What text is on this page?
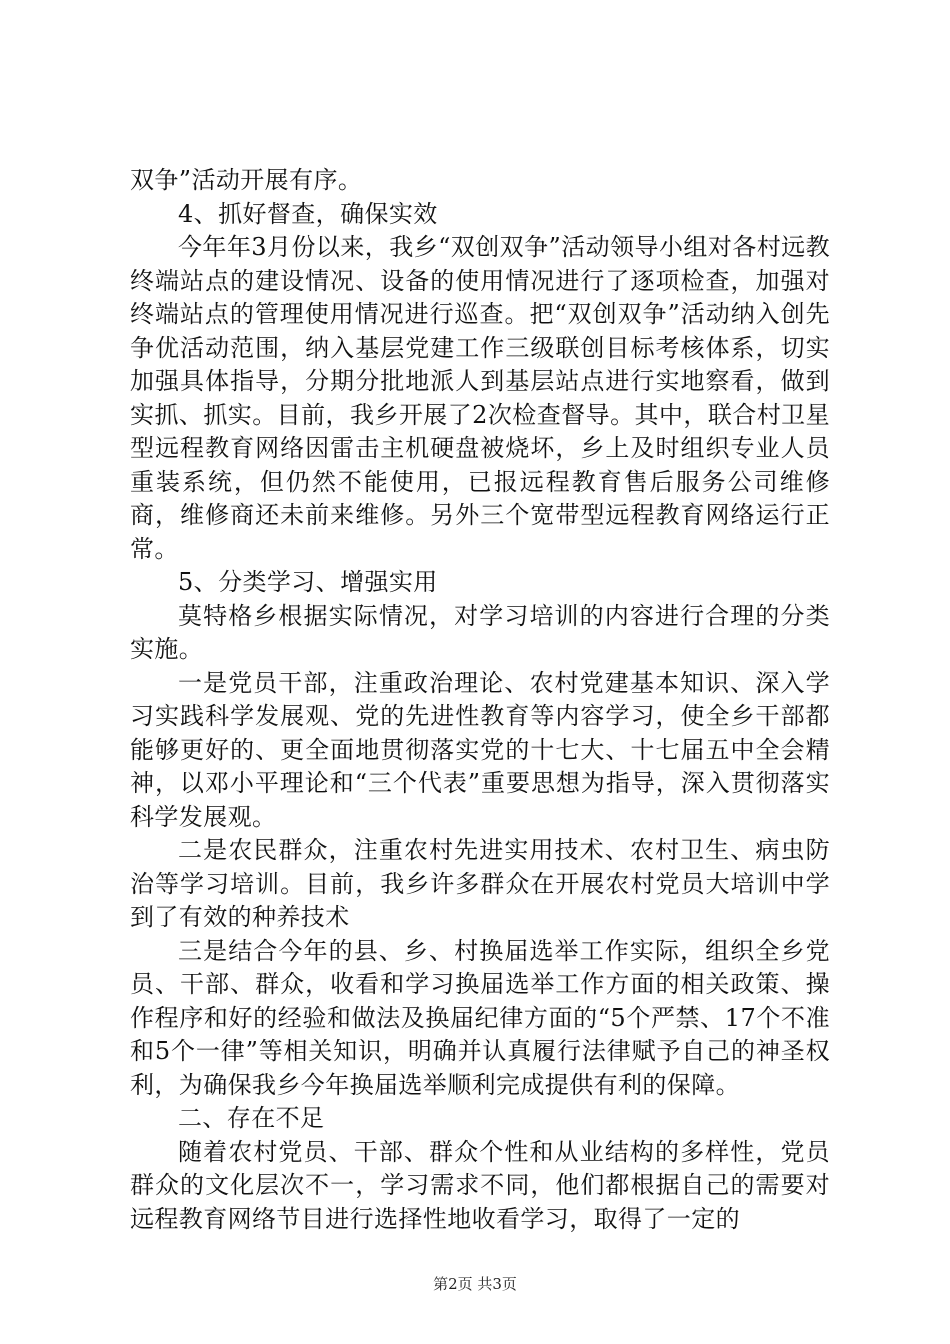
双争”活动开展有序。

4、抓好督查，确保实效

今年年3月份以来，我乡“双创双争”活动领导小组对各村远教终端站点的建设情况、设备的使用情况进行了逐项检查，加强对终端站点的管理使用情况进行巡查。把“双创双争”活动纳入创先争优活动范围，纳入基层党建工作三级联创目标考核体系，切实加强具体指导，分期分批地派人到基层站点进行实地察看，做到实抓、抓实。目前，我乡开展了2次检查督导。其中，联合村卫星型远程教育网络因雷击主机硬盘被烧坏，乡上及时组织专业人员重装系统，但仍然不能使用，已报远程教育售后服务公司维修商，维修商还未前来维修。另外三个宽带型远程教育网络运行正常。

5、分类学习、增强实用

莫特格乡根据实际情况，对学习培训的内容进行合理的分类实施。

一是党员干部，注重政治理论、农村党建基本知识、深入学习实践科学发展观、党的先进性教育等内容学习，使全乡干部都能够更好的、更全面地贯彻落实党的十七大、十七届五中全会精神，以邓小平理论和“三个代表”重要思想为指导，深入贯彻落实科学发展观。

二是农民群众，注重农村先进实用技术、农村卫生、病虫防治等学习培训。目前，我乡许多群众在开展农村党员大培训中学到了有效的种养技术

三是结合今年的县、乡、村换届选举工作实际，组织全乡党员、干部、群众，收看和学习换届选举工作方面的相关政策、操作程序和好的经验和做法及换届纪律方面的“5个严禁、17个不准和5个一律”等相关知识，明确并认真履行法律赋予自己的神圣权利，为确保我乡今年换届选举顺利完成提供有利的保障。

二、存在不足

随着农村党员、干部、群众个性和从业结构的多样性，党员群众的文化层次不一，学习需求不同，他们都根据自己的需要对远程教育网络节目进行选择性地收看学习，取得了一定的

第2页 共3页
